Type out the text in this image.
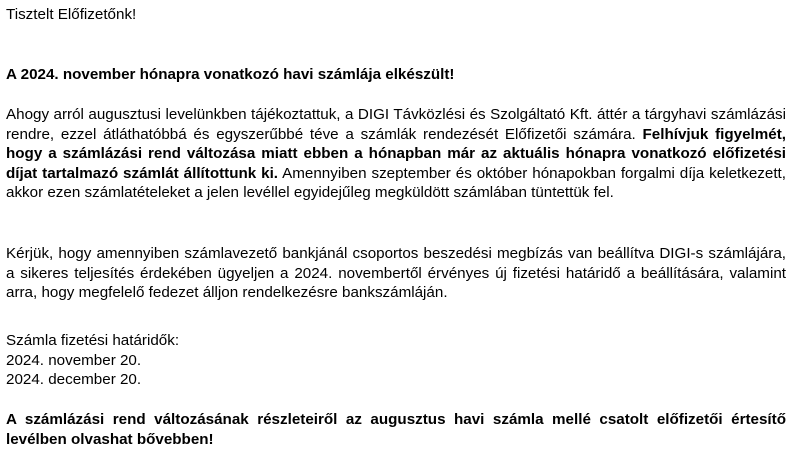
Tisztelt Előfizetőnk!

A 2024. november hónapra vonatkozó havi számlája elkészült!

Ahogy arról augusztusi levelünkben tájékoztattuk, a DIGI Távközlési és Szolgáltató Kft. áttér a tárgyhavi számlázási rendre, ezzel átláthatóbbá és egyszerűbbé téve a számlák rendezését Előfizetői számára. Felhívjuk figyelmét, hogy a számlázási rend változása miatt ebben a hónapban már az aktuális hónapra vonatkozó előfizetési díjat tartalmazó számlát állítottunk ki. Amennyiben szeptember és október hónapokban forgalmi díja keletkezett, akkor ezen számlatételeket a jelen levéllel egyidejűleg megküldött számlában tüntettük fel.

Kérjük, hogy amennyiben számlavezető bankjánál csoportos beszedési megbízás van beállítva DIGI-s számlájára, a sikeres teljesítés érdekében ügyeljen a 2024. novembertől érvényes új fizetési határidő a beállítására, valamint arra, hogy megfelelő fedezet álljon rendelkezésre bankszámláján.

Számla fizetési határidők:
2024. november 20.
2024. december 20.

A számlázási rend változásának részleteiről az augusztus havi számla mellé csatolt előfizetői értesítő levélben olvashat bővebben!
